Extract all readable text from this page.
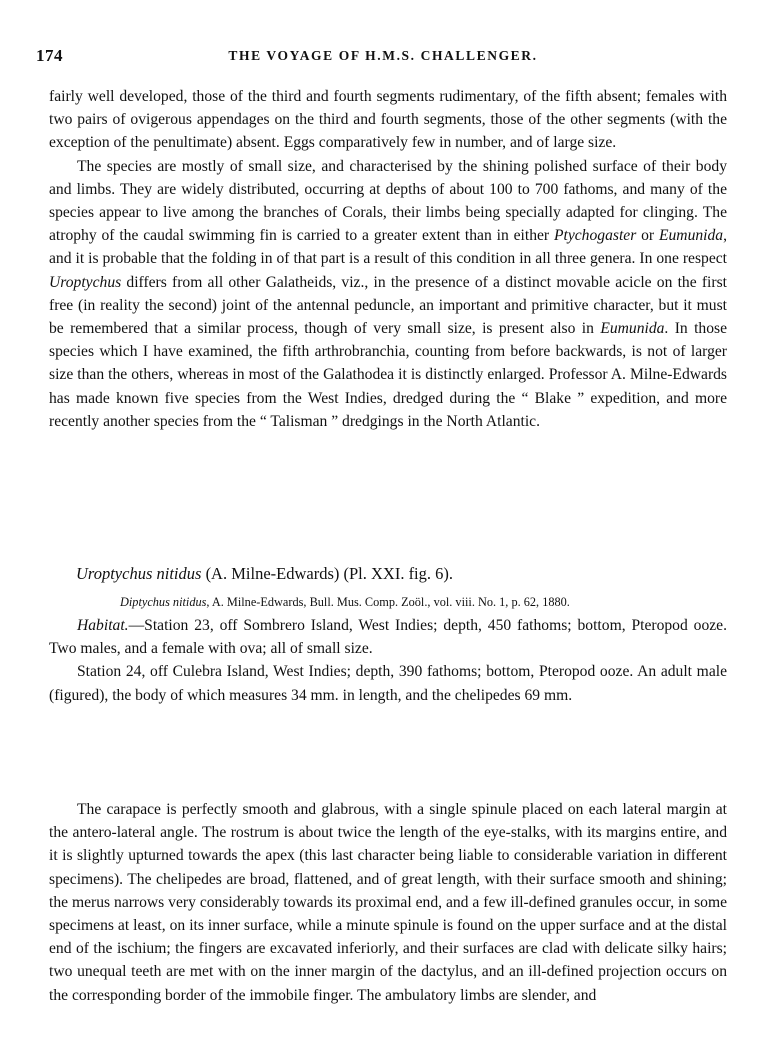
174	THE VOYAGE OF H.M.S. CHALLENGER.

fairly well developed, those of the third and fourth segments rudimentary, of the fifth absent; females with two pairs of ovigerous appendages on the third and fourth segments, those of the other segments (with the exception of the penultimate) absent. Eggs comparatively few in number, and of large size.

The species are mostly of small size, and characterised by the shining polished surface of their body and limbs. They are widely distributed, occurring at depths of about 100 to 700 fathoms, and many of the species appear to live among the branches of Corals, their limbs being specially adapted for clinging. The atrophy of the caudal swimming fin is carried to a greater extent than in either Ptychogaster or Eumunida, and it is probable that the folding in of that part is a result of this condition in all three genera. In one respect Uroptychus differs from all other Galatheids, viz., in the presence of a distinct movable acicle on the first free (in reality the second) joint of the antennal peduncle, an important and primitive character, but it must be remembered that a similar process, though of very small size, is present also in Eumunida. In those species which I have examined, the fifth arthrobranchia, counting from before backwards, is not of larger size than the others, whereas in most of the Galathodea it is distinctly enlarged. Professor A. Milne-Edwards has made known five species from the West Indies, dredged during the “ Blake ” expedition, and more recently another species from the “ Talisman ” dredgings in the North Atlantic.

Uroptychus nitidus (A. Milne-Edwards) (Pl. XXI. fig. 6).
Diptychus nitidus, A. Milne-Edwards, Bull. Mus. Comp. Zoöl., vol. viii. No. 1, p. 62, 1880.

Habitat.—Station 23, off Sombrero Island, West Indies; depth, 450 fathoms; bottom, Pteropod ooze. Two males, and a female with ova; all of small size.

Station 24, off Culebra Island, West Indies; depth, 390 fathoms; bottom, Pteropod ooze. An adult male (figured), the body of which measures 34 mm. in length, and the chelipedes 69 mm.

The carapace is perfectly smooth and glabrous, with a single spinule placed on each lateral margin at the antero-lateral angle. The rostrum is about twice the length of the eye-stalks, with its margins entire, and it is slightly upturned towards the apex (this last character being liable to considerable variation in different specimens). The chelipedes are broad, flattened, and of great length, with their surface smooth and shining; the merus narrows very considerably towards its proximal end, and a few ill-defined granules occur, in some specimens at least, on its inner surface, while a minute spinule is found on the upper surface and at the distal end of the ischium; the fingers are excavated inferiorly, and their surfaces are clad with delicate silky hairs; two unequal teeth are met with on the inner margin of the dactylus, and an ill-defined projection occurs on the corresponding border of the immobile finger. The ambulatory limbs are slender, and
